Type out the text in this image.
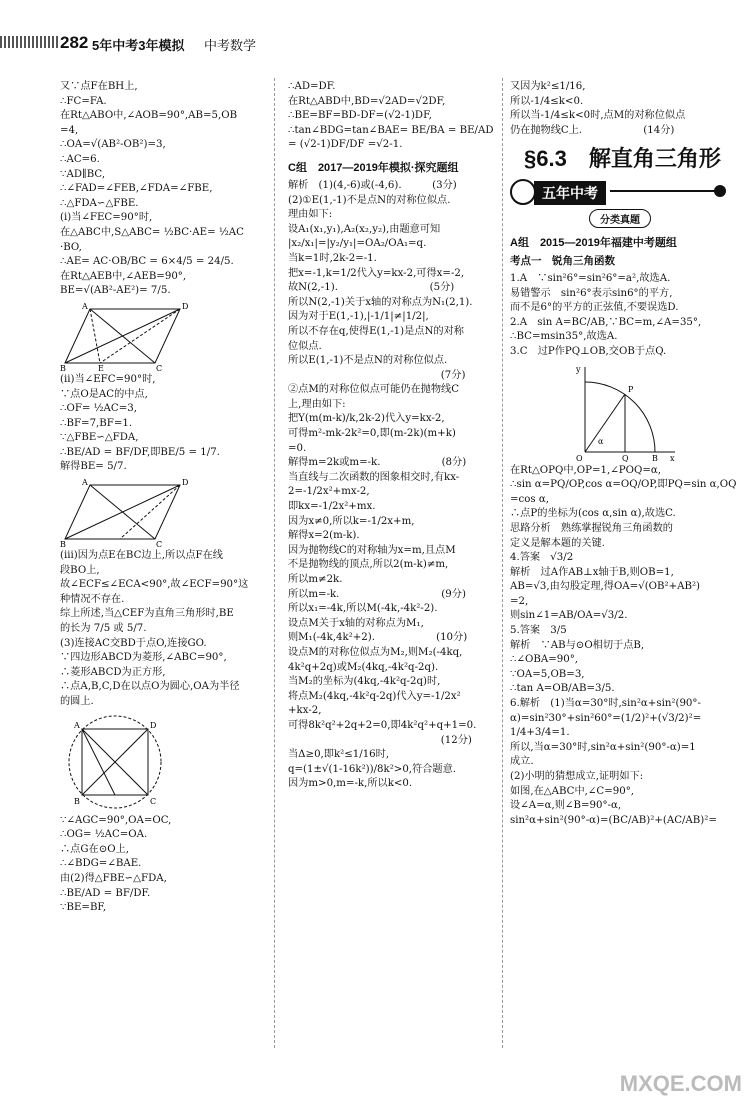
282 5年中考3年模拟 中考数学
又∵点F在BH上,
∴FC=FA.
在Rt△ABO中,∠AOB=90°,AB=5,OB
=4,
∴OA=√(AB²-OB²)=3,
∴AC=6.
∵AD∥BC,
∴∠FAD=∠FEB,∠FDA=∠FBE,
∴△FDA∽△FBE.
(i)当∠FEC=90°时,
在△ABC中,S△ABC= ½BC·AE= ½AC
·BO,
∴AE= AC·OB/BC = 6×4/5 = 24/5.
在Rt△AEB中,∠AEB=90°,
BE=√(AB²-AE²)= 7/5.
A
B	C
D
E
(ii)当∠EFC=90°时,
∵点O是AC的中点,
∴OF= ½AC=3,
∴BF=7,BF=1.
∵△FBE∽△FDA,
∴BE/AD = BF/DF,即BE/5 = 1/7.
解得BE= 5/7.
A
B	C
D
(iii)因为点E在BC边上,所以点F在线
段BO上,
故∠ECF≤∠ECA<90°,故∠ECF=90°这
种情况不存在.
综上所述,当△CEF为直角三角形时,BE
的长为 7/5 或 5/7.
(3)连接AC交BD于点O,连接GO.
∵四边形ABCD为菱形,∠ABC=90°,
∴菱形ABCD为正方形,
∴点A,B,C,D在以点O为圆心,OA为半径
的圆上.
A
B	C
D
∵∠AGC=90°,OA=OC,
∴OG= ½AC=OA.
∴点G在⊙O上,
∴∠BDG=∠BAE.
由(2)得△FBE∽△FDA,
∴BE/AD = BF/DF.
∵BE=BF,
∴AD=DF.
在Rt△ABD中,BD=√2AD=√2DF,
∴BE=BF=BD-DF=(√2-1)DF,
∴tan∠BDG=tan∠BAE= BE/BA = BE/AD
= (√2-1)DF/DF =√2-1.
C组　2017—2019年模拟·探究题组
解析　(1)(4,-6)或(-4,6).　　　(3分)
(2)①E(1,-1)不是点N的对称位似点.
理由如下:
设A₁(x₁,y₁),A₂(x₂,y₂),由题意可知
|x₂/x₁|=|y₂/y₁|=OA₂/OA₁=q.
当k=1时,2k-2=-1.
把x=-1,k=1/2代入y=kx-2,可得x=-2,
故N(2,-1).　　　　　　　　　(5分)
所以N(2,-1)关于x轴的对称点为N₁(2,1).
因为对于E(1,-1),|-1/1|≠|1/2|,
所以不存在q,使得E(1,-1)是点N的对称
位似点.
所以E(1,-1)不是点N的对称位似点.
　　　　　　　　　　　　　　　(7分)
②点M的对称位似点可能仍在抛物线C
上,理由如下:
把Y(m(m-k)/k,2k-2)代入y=kx-2,
可得m²-mk-2k²=0,即(m-2k)(m+k)
=0.
解得m=2k或m=-k.　　　　　　(8分)
当直线与二次函数的图象相交时,有kx-
2=-1/2x²+mx-2,
即kx=-1/2x²+mx.
因为x≠0,所以k=-1/2x+m,
解得x=2(m-k).
因为抛物线C的对称轴为x=m,且点M
不是抛物线的顶点,所以2(m-k)≠m,
所以m≠2k.
所以m=-k.　　　　　　　　　　(9分)
所以x₁=-4k,所以M(-4k,-4k²-2).
设点M关于x轴的对称点为M₁,
则M₁(-4k,4k²+2).　　　　　　(10分)
设点M的对称位似点为M₂,则M₂(-4kq,
4k²q+2q)或M₂(4kq,-4k²q-2q).
当M₂的坐标为(4kq,-4k²q-2q)时,
将点M₂(4kq,-4k²q-2q)代入y=-1/2x²
+kx-2,
可得8k²q²+2q+2=0,即4k²q²+q+1=0.
　　　　　　　　　　　　　　　(12分)
当Δ≥0,即k²≤1/16时,
q=(1±√(1-16k²))/8k²>0,符合题意.
因为m>0,m=-k,所以k<0.
又因为k²≤1/16,
所以-1/4≤k<0.
所以当-1/4≤k<0时,点M的对称位似点
仍在抛物线C上.　　　　　　(14分)
§6.3　解直角三角形
五年中考
分类真题
A组　2015—2019年福建中考题组
考点一　锐角三角函数
1.A　∵sin²6°=sin²6°=a²,故选A.
易错警示　sin²6°表示sin6°的平方,
而不是6°的平方的正弦值,不要误选D.
2.A　sin A=BC/AB,∵BC=m,∠A=35°,
∴BC=msin35°,故选A.
3.C　过P作PQ⊥OB,交OB于点Q.
y
x
O	Q	B
P
α
在Rt△OPQ中,OP=1,∠POQ=α,
∴sin α=PQ/OP,cos α=OQ/OP,即PQ=sin α,OQ
=cos α,
∴点P的坐标为(cos α,sin α),故选C.
思路分析　熟练掌握锐角三角函数的
定义是解本题的关键.
4.答案　√3/2
解析　过A作AB⊥x轴于B,则OB=1,
AB=√3,由勾股定理,得OA=√(OB²+AB²)
=2,
则sin∠1=AB/OA=√3/2.
5.答案　3/5
解析　∵AB与⊙O相切于点B,
∴∠OBA=90°,
∵OA=5,OB=3,
∴tan A=OB/AB=3/5.
6.解析　(1)当α=30°时,sin²α+sin²(90°-
α)=sin²30°+sin²60°=(1/2)²+(√3/2)²=
1/4+3/4=1.
所以,当α=30°时,sin²α+sin²(90°-α)=1
成立.
(2)小明的猜想成立,证明如下:
如图,在△ABC中,∠C=90°,
设∠A=α,则∠B=90°-α,
sin²α+sin²(90°-α)=(BC/AB)²+(AC/AB)²=
MXQE.COM
